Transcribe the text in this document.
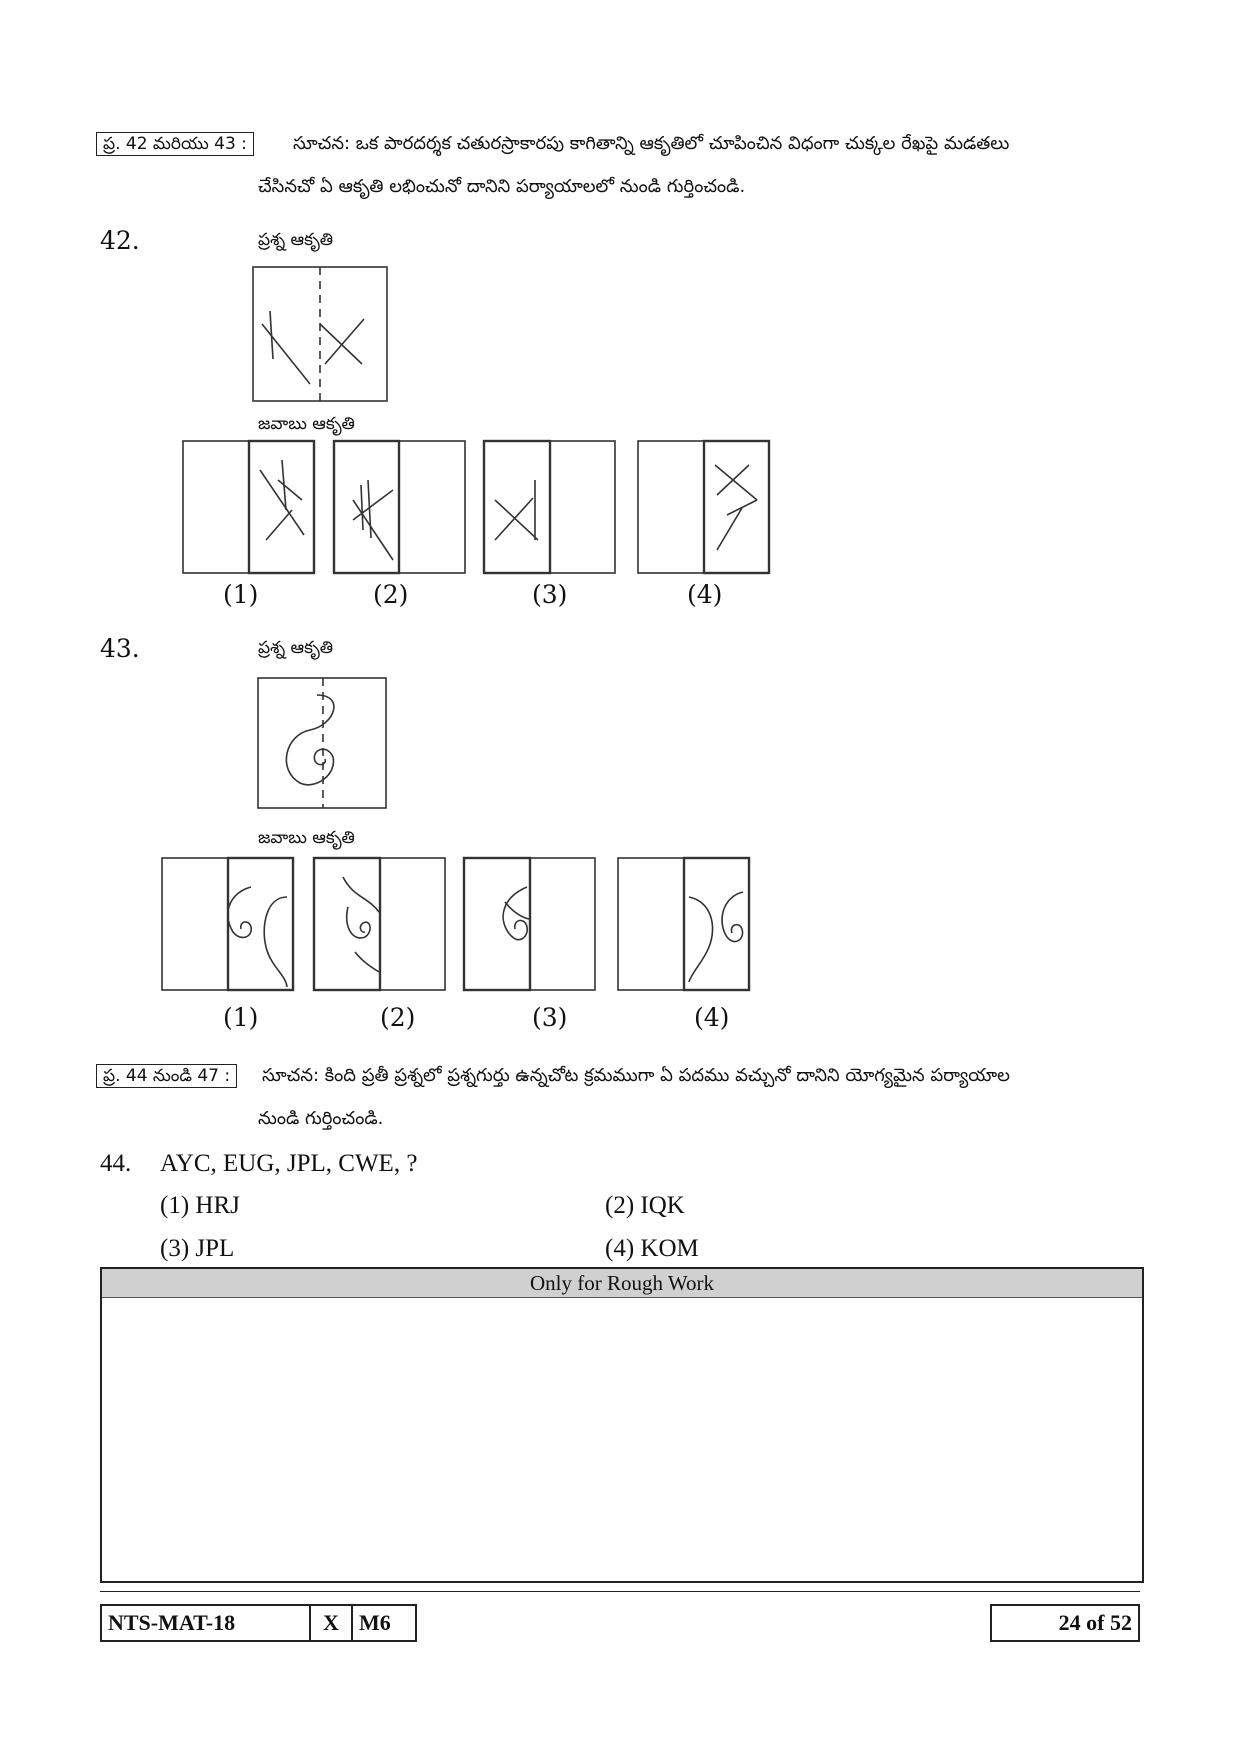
ప్ర. 42 మరియు 43 :	సూచన: ఒక పారదర్శక చతురస్రాకారపు కాగితాన్ని ఆకృతిలో చూపించిన విధంగా చుక్కల రేఖపై మడతలు
చేసినచో ఏ ఆకృతి లభించునో దానిని పర్యాయాలలో నుండి గుర్తించండి.
42.	ప్రశ్న ఆకృతి
జవాబు ఆకృతి
(1)	(2)	(3)	(4)
43.	ప్రశ్న ఆకృతి
జవాబు ఆకృతి
(1)	(2)	(3)	(4)
ప్ర. 44 నుండి 47 :	సూచన: కింది ప్రతీ ప్రశ్నలో ప్రశ్నగుర్తు ఉన్నచోట క్రమముగా ఏ పదము వచ్చునో దానిని యోగ్యమైన పర్యాయాల
నుండి గుర్తించండి.
44. AYC, EUG, JPL, CWE, ?
(1) HRJ	(2) IQK
(3) JPL	(4) KOM
Only for Rough Work
NTS-MAT-18	X M6	24 of 52
